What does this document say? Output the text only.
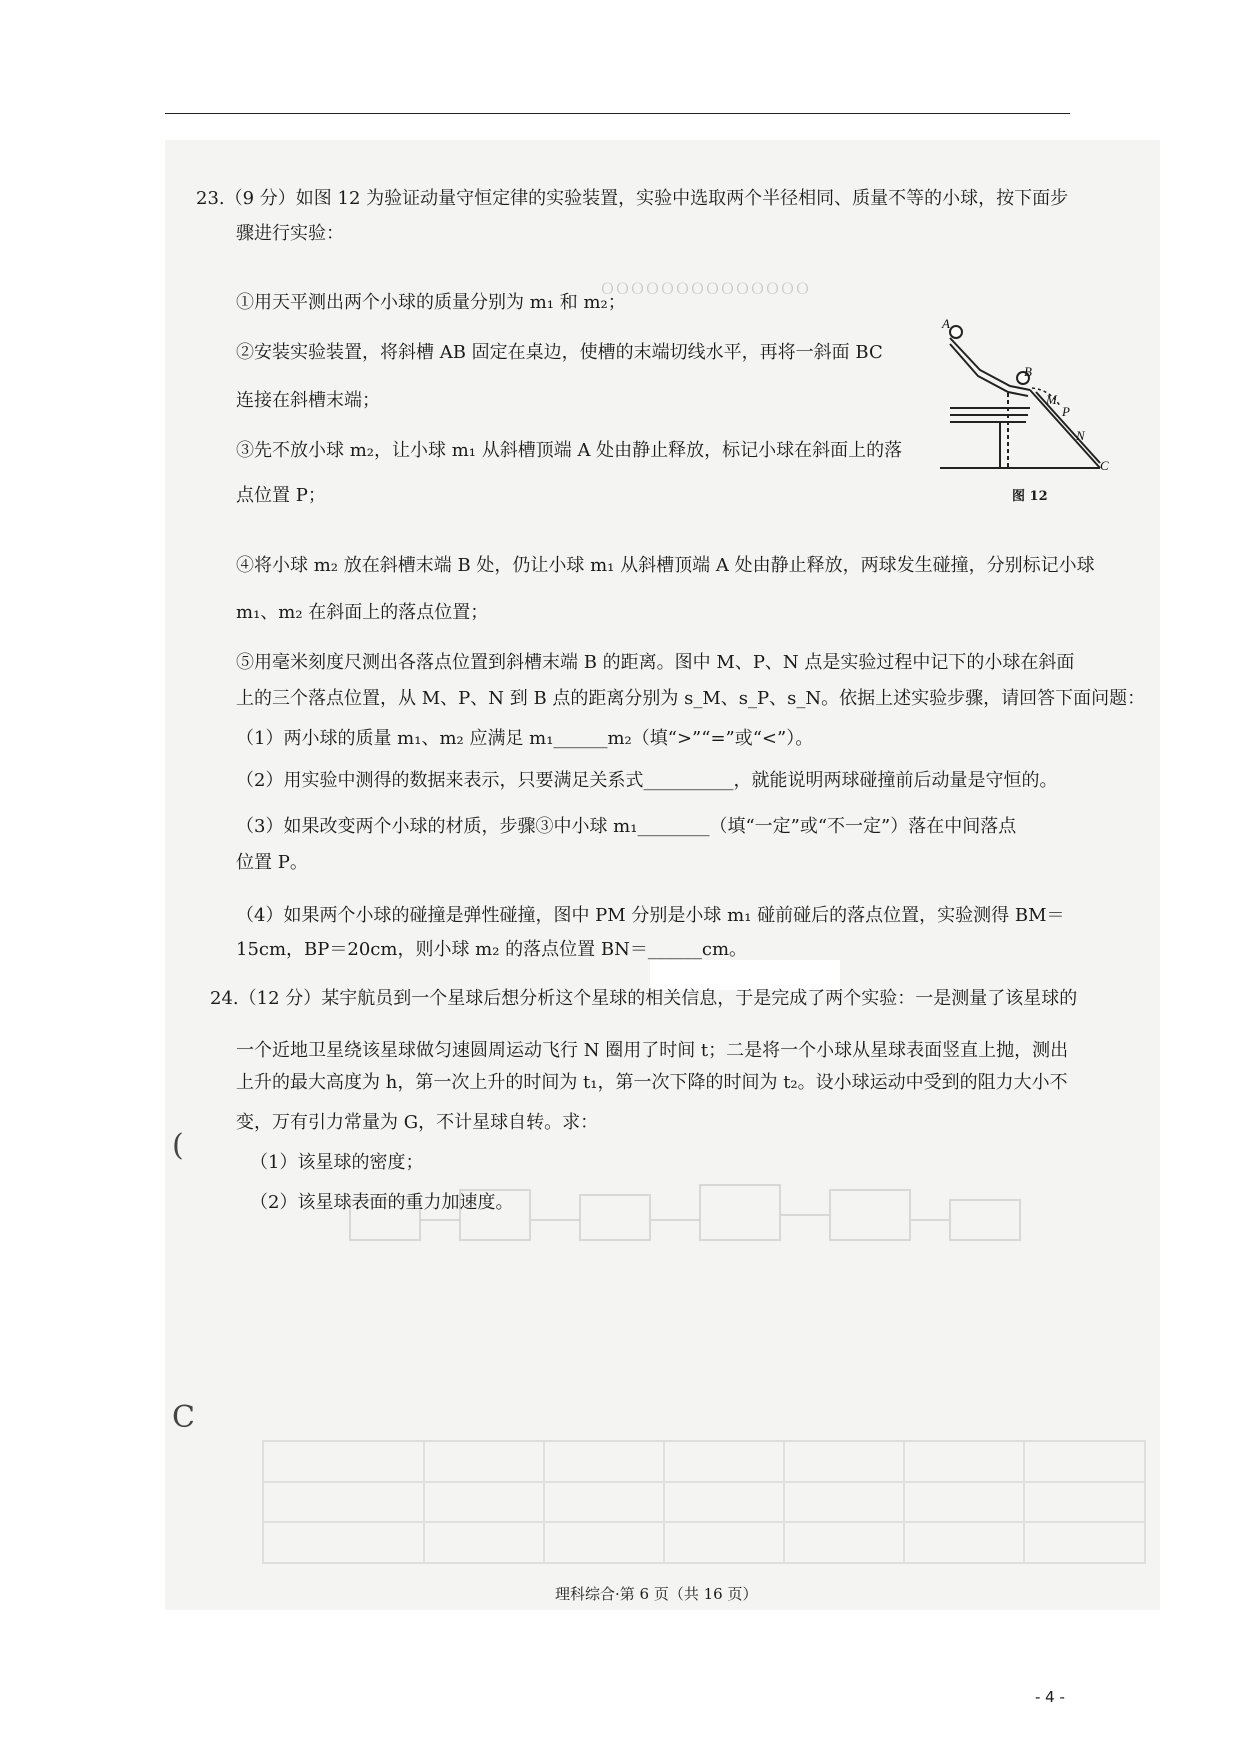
ＯＯＯＯＯＯＯＯＯＯＯＯＯＯ
(
C
23.（9 分）如图 12 为验证动量守恒定律的实验装置，实验中选取两个半径相同、质量不等的小球，按下面步
骤进行实验：
①用天平测出两个小球的质量分别为 m₁ 和 m₂；
②安装实验装置，将斜槽 AB 固定在桌边，使槽的末端切线水平，再将一斜面 BC
连接在斜槽末端；
③先不放小球 m₂，让小球 m₁ 从斜槽顶端 A 处由静止释放，标记小球在斜面上的落
点位置 P；
④将小球 m₂ 放在斜槽末端 B 处，仍让小球 m₁ 从斜槽顶端 A 处由静止释放，两球发生碰撞，分别标记小球
m₁、m₂ 在斜面上的落点位置；
⑤用毫米刻度尺测出各落点位置到斜槽末端 B 的距离。图中 M、P、N 点是实验过程中记下的小球在斜面
上的三个落点位置，从 M、P、N 到 B 点的距离分别为 s_M、s_P、s_N。依据上述实验步骤，请回答下面问题：
（1）两小球的质量 m₁、m₂ 应满足 m₁______m₂（填“>”“=”或“<”）。
（2）用实验中测得的数据来表示，只要满足关系式__________，就能说明两球碰撞前后动量是守恒的。
（3）如果改变两个小球的材质，步骤③中小球 m₁________（填“一定”或“不一定”）落在中间落点
位置 P。
（4）如果两个小球的碰撞是弹性碰撞，图中 PM 分别是小球 m₁ 碰前碰后的落点位置，实验测得 BM＝
15cm，BP＝20cm，则小球 m₂ 的落点位置 BN＝______cm。
A
B
M
P
N
C
图 12
24.（12 分）某宇航员到一个星球后想分析这个星球的相关信息，于是完成了两个实验：一是测量了该星球的
一个近地卫星绕该星球做匀速圆周运动飞行 N 圈用了时间 t；二是将一个小球从星球表面竖直上抛，测出
上升的最大高度为 h，第一次上升的时间为 t₁，第一次下降的时间为 t₂。设小球运动中受到的阻力大小不
变，万有引力常量为 G，不计星球自转。求：
（1）该星球的密度；
（2）该星球表面的重力加速度。
理科综合·第 6 页（共 16 页）
- 4 -
